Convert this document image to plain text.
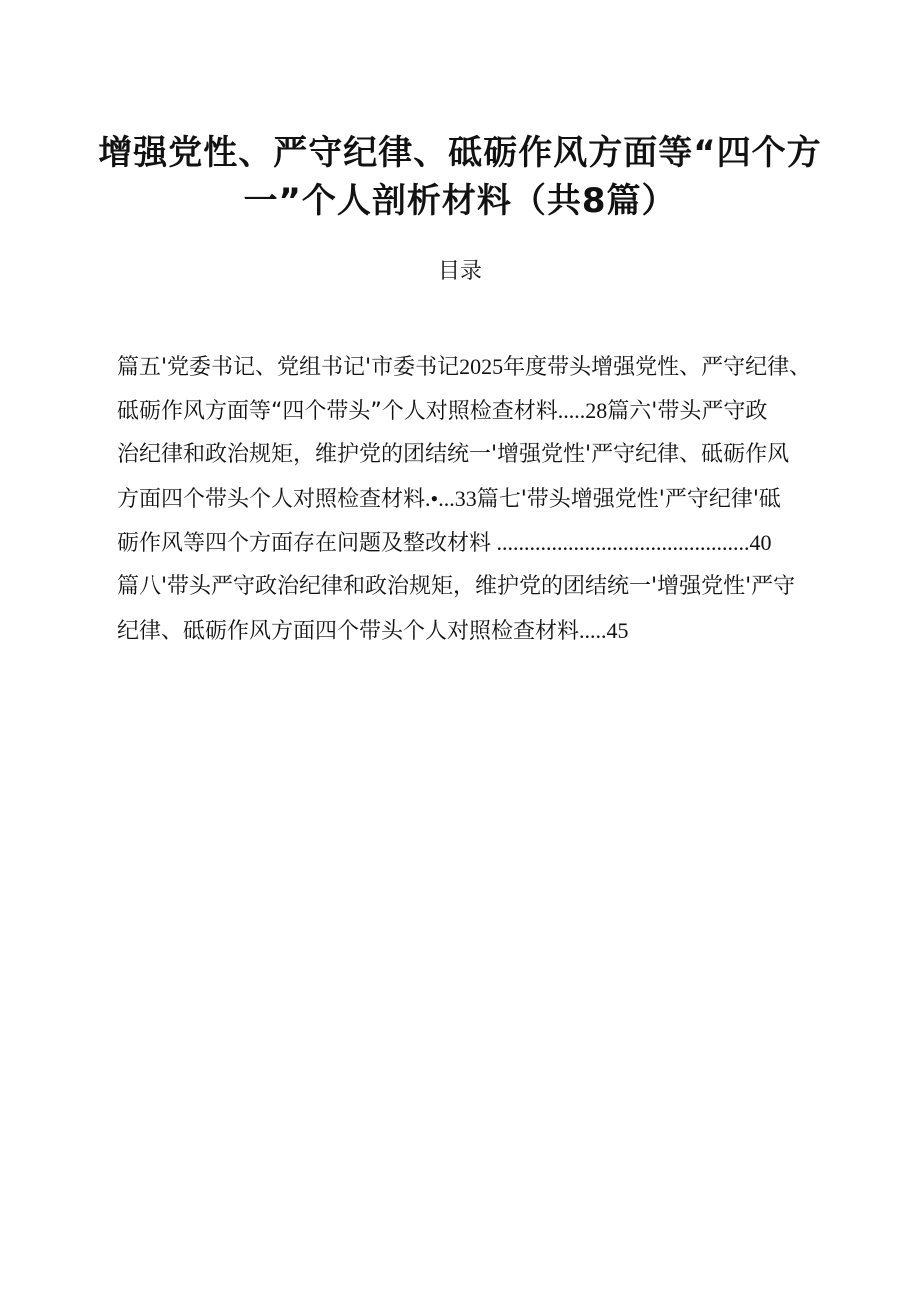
增强党性、严守纪律、砥砺作风方面等“四个方
一”个人剖析材料（共8篇）
目录
篇五'党委书记、党组书记'市委书记2025年度带头增强党性、严守纪律、
砥砺作风方面等“四个带头”个人对照检查材料.....28篇六'带头严守政
治纪律和政治规矩，维护党的团结统一'增强党性'严守纪律、砥砺作风
方面四个带头个人对照检查材料.•...33篇七'带头增强党性'严守纪律'砥
砺作风等四个方面存在问题及整改材料 ..............................................40
篇八'带头严守政治纪律和政治规矩，维护党的团结统一'增强党性'严守
纪律、砥砺作风方面四个带头个人对照检查材料.....45
